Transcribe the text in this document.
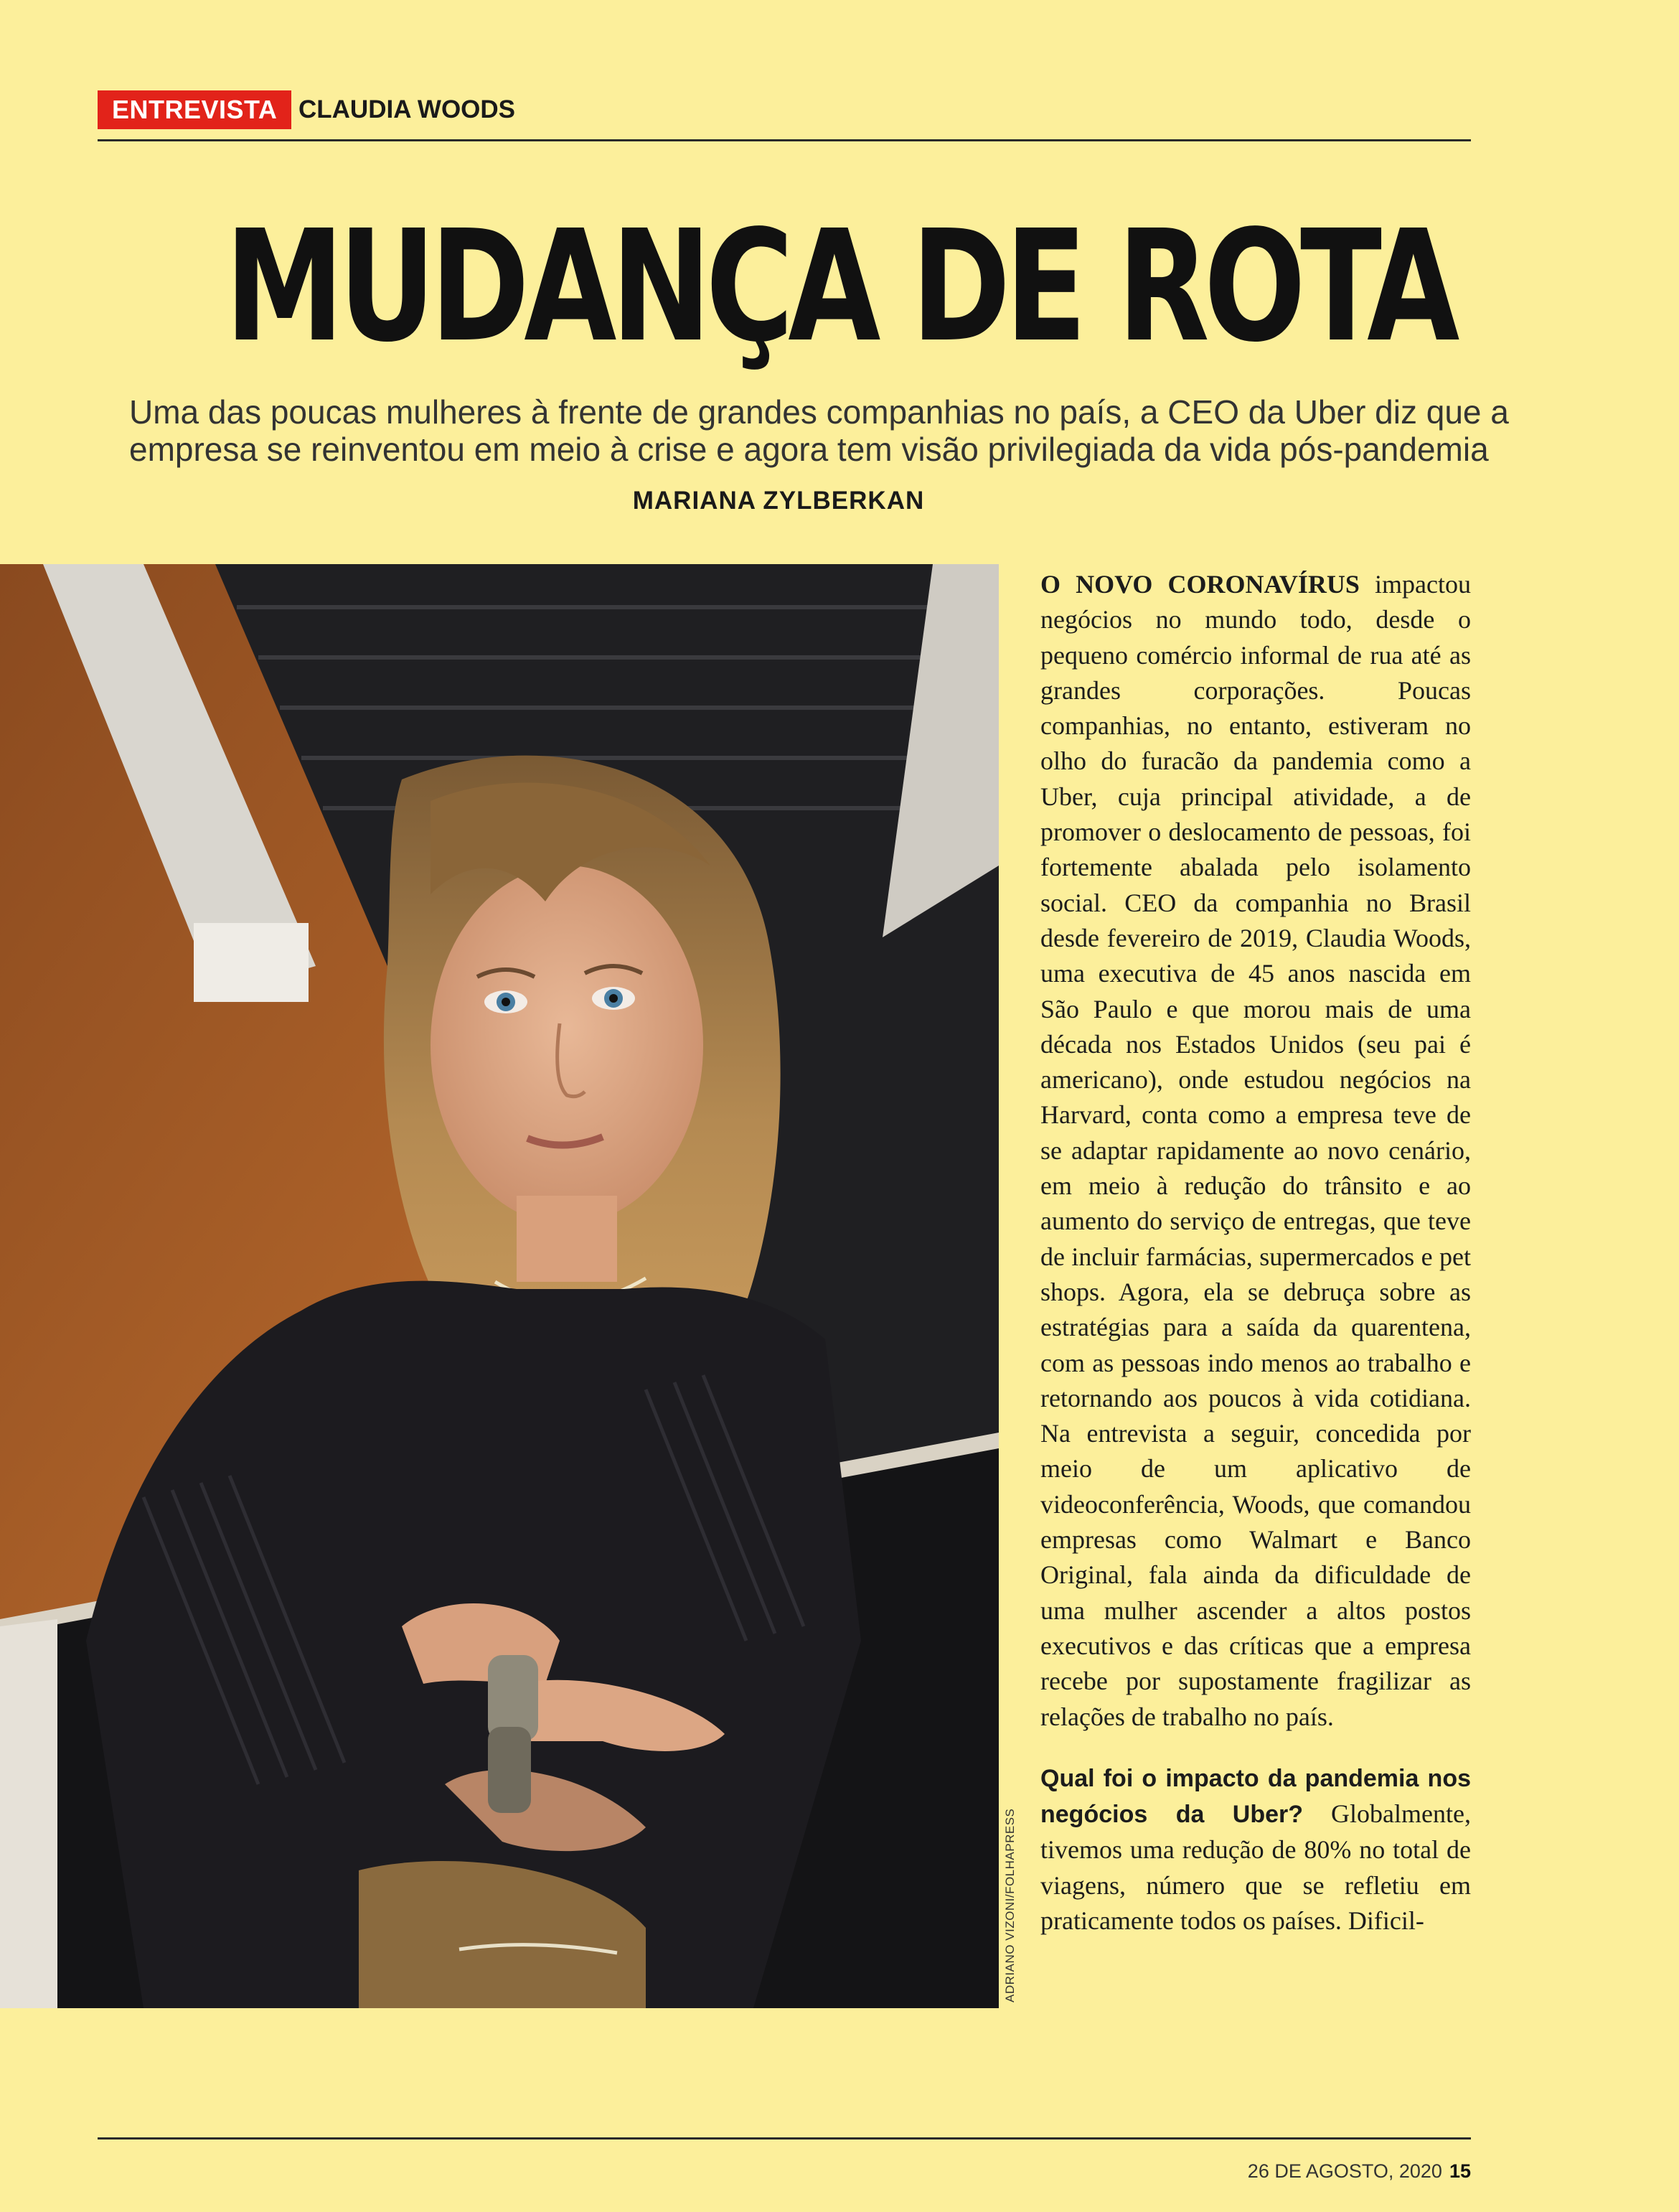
ENTREVISTA CLAUDIA WOODS
MUDANÇA DE ROTA
Uma das poucas mulheres à frente de grandes companhias no país, a CEO da Uber diz que a
empresa se reinventou em meio à crise e agora tem visão privilegiada da vida pós-pandemia
MARIANA ZYLBERKAN
ADRIANO VIZONI/FOLHAPRESS

O NOVO CORONAVÍRUS impactou negócios no mundo todo, desde o pequeno comércio informal de rua até as grandes corporações. Poucas companhias, no entanto, estiveram no olho do furacão da pandemia como a Uber, cuja principal atividade, a de promover o deslocamento de pessoas, foi fortemente abalada pelo isolamento social. CEO da companhia no Brasil desde fevereiro de 2019, Claudia Woods, uma executiva de 45 anos nascida em São Paulo e que morou mais de uma década nos Estados Unidos (seu pai é americano), onde estudou negócios na Harvard, conta como a empresa teve de se adaptar rapidamente ao novo cenário, em meio à redução do trânsito e ao aumento do serviço de entregas, que teve de incluir farmácias, supermercados e pet shops. Agora, ela se debruça sobre as estratégias para a saída da quarentena, com as pessoas indo menos ao trabalho e retornando aos poucos à vida cotidiana. Na entrevista a seguir, concedida por meio de um aplicativo de videoconferência, Woods, que comandou empresas como Walmart e Banco Original, fala ainda da dificuldade de uma mulher ascender a altos postos executivos e das críticas que a empresa recebe por supostamente fragilizar as relações de trabalho no país.

Qual foi o impacto da pandemia nos negócios da Uber? Globalmente, tivemos uma redução de 80% no total de viagens, número que se refletiu em praticamente todos os países. Dificil-

26 DE AGOSTO, 2020 15
